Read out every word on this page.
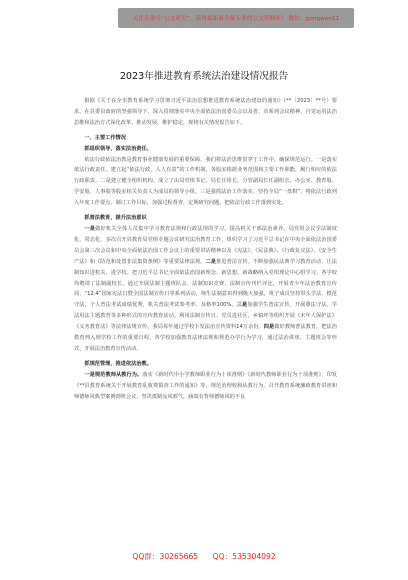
关注头条号“公文研究”，获得最新最全最专业的公文资料库！ 微信：gongwen11
2023年推进教育系统法治建设情况报告

根据《关于在全市教育系统学习贯彻习近平法治思想推进教育系统法治建设的通知》（**〔2023〕**号）要求，在县委县政府的坚强领导下，深入贯彻落实中央全面依法治国委员会以及省、市系列会议精神，自觉运用法治思维和法治方式深化改革、推动发展、维护稳定，现将有关情况报告如下。

一、主要工作情况

抓组织领导，落实法治责任。

依法行政依法治教是教育事业健康发展的重要保障，我们将法治思维贯穿于工作中，确保规范运行。一是落实依法行政责任。建立起“依法行政，人人有责”的工作机制，各股室根据业务范围和主要工作职能，履行相应的依法行政职责。二是建立健全组织机构。成立了由局党组书记、局长任组长，分管副局长任副组长，办公室、教育股、学安股、人事股等股室相关负责人为成员的领导小组。三是强抓法治工作落实。坚持全局“一盘棋”，将依法行政列入年度工作要点，制订工作目标，加强过程督查，定期研究问题，把依法行政工作落到实处。

抓普法教育，提升法治意识

一是做好机关全体人员集中学习教育法规和行政法规的学习，提高机关干部法治素养。局党组会议学法制度化、常态化，多次召开县教育局党组专题会议研究法治教育工作，组织学习了习近平总书记在中央全面依法治国委员会第三次会议和中央全面依法治国工作会议上的重要讲话精神以及《宪法》、《民法典》、《行政复议法》、《安全生产法》和《防范和处置非法集资条例》等重要法律法规。二是推进普法宣传。不断加强民法典学习教育活动，让法制知识进机关、进学校。把习近平总书记全面依法治国新理念、新思想、新战略纳入党组理论中心组学习。各学校均聘请了法制副校长，通过开展法制主题班队会、法制知识竞赛、法制宣传刊栏评比，开展青少年法治教育宣传周、“12.4”国家宪法日暨全国法制宣传日等系列活动，师生法制意识得到极大加强，班子成员坚持带头学法、模范守法，个人普法考试成绩优秀，机关普法考试参考率、及格率100%。三是加强学生普法宣传。开展尊法守法、学法用法主题教育等多种形式的宣传教育活动。利用法制宣传日、党员进社区、乡镇坪等组织开展《未年人保护法》《义务教育法》等法律法规宣传。我局每年通过学校下发法治宣传资料14万余份。四是做好教师普法教育。把法治教育列入到学校工作的重要日程，各学校加强教育法律法规和规范办学行为学习，通过法治讲座、主题班会等形式，开展法治教育宣传活动。

抓规范管理，推进依法治教。

一是规范教师从教行为。落实《新时代中小学教师职业行为十项准则》《新时代教师职业行为十项准则》，印发《**县教育系统关于开展教育乱收费摸查工作的通知》等，规范治理校和从教行为。召开教育系统廉政教育讲座和师德师风典型案例剖析会议，坚决抵制妄风邪气，涵端有背师德师风的不良

QQ群：30265665      QQ：535304092
